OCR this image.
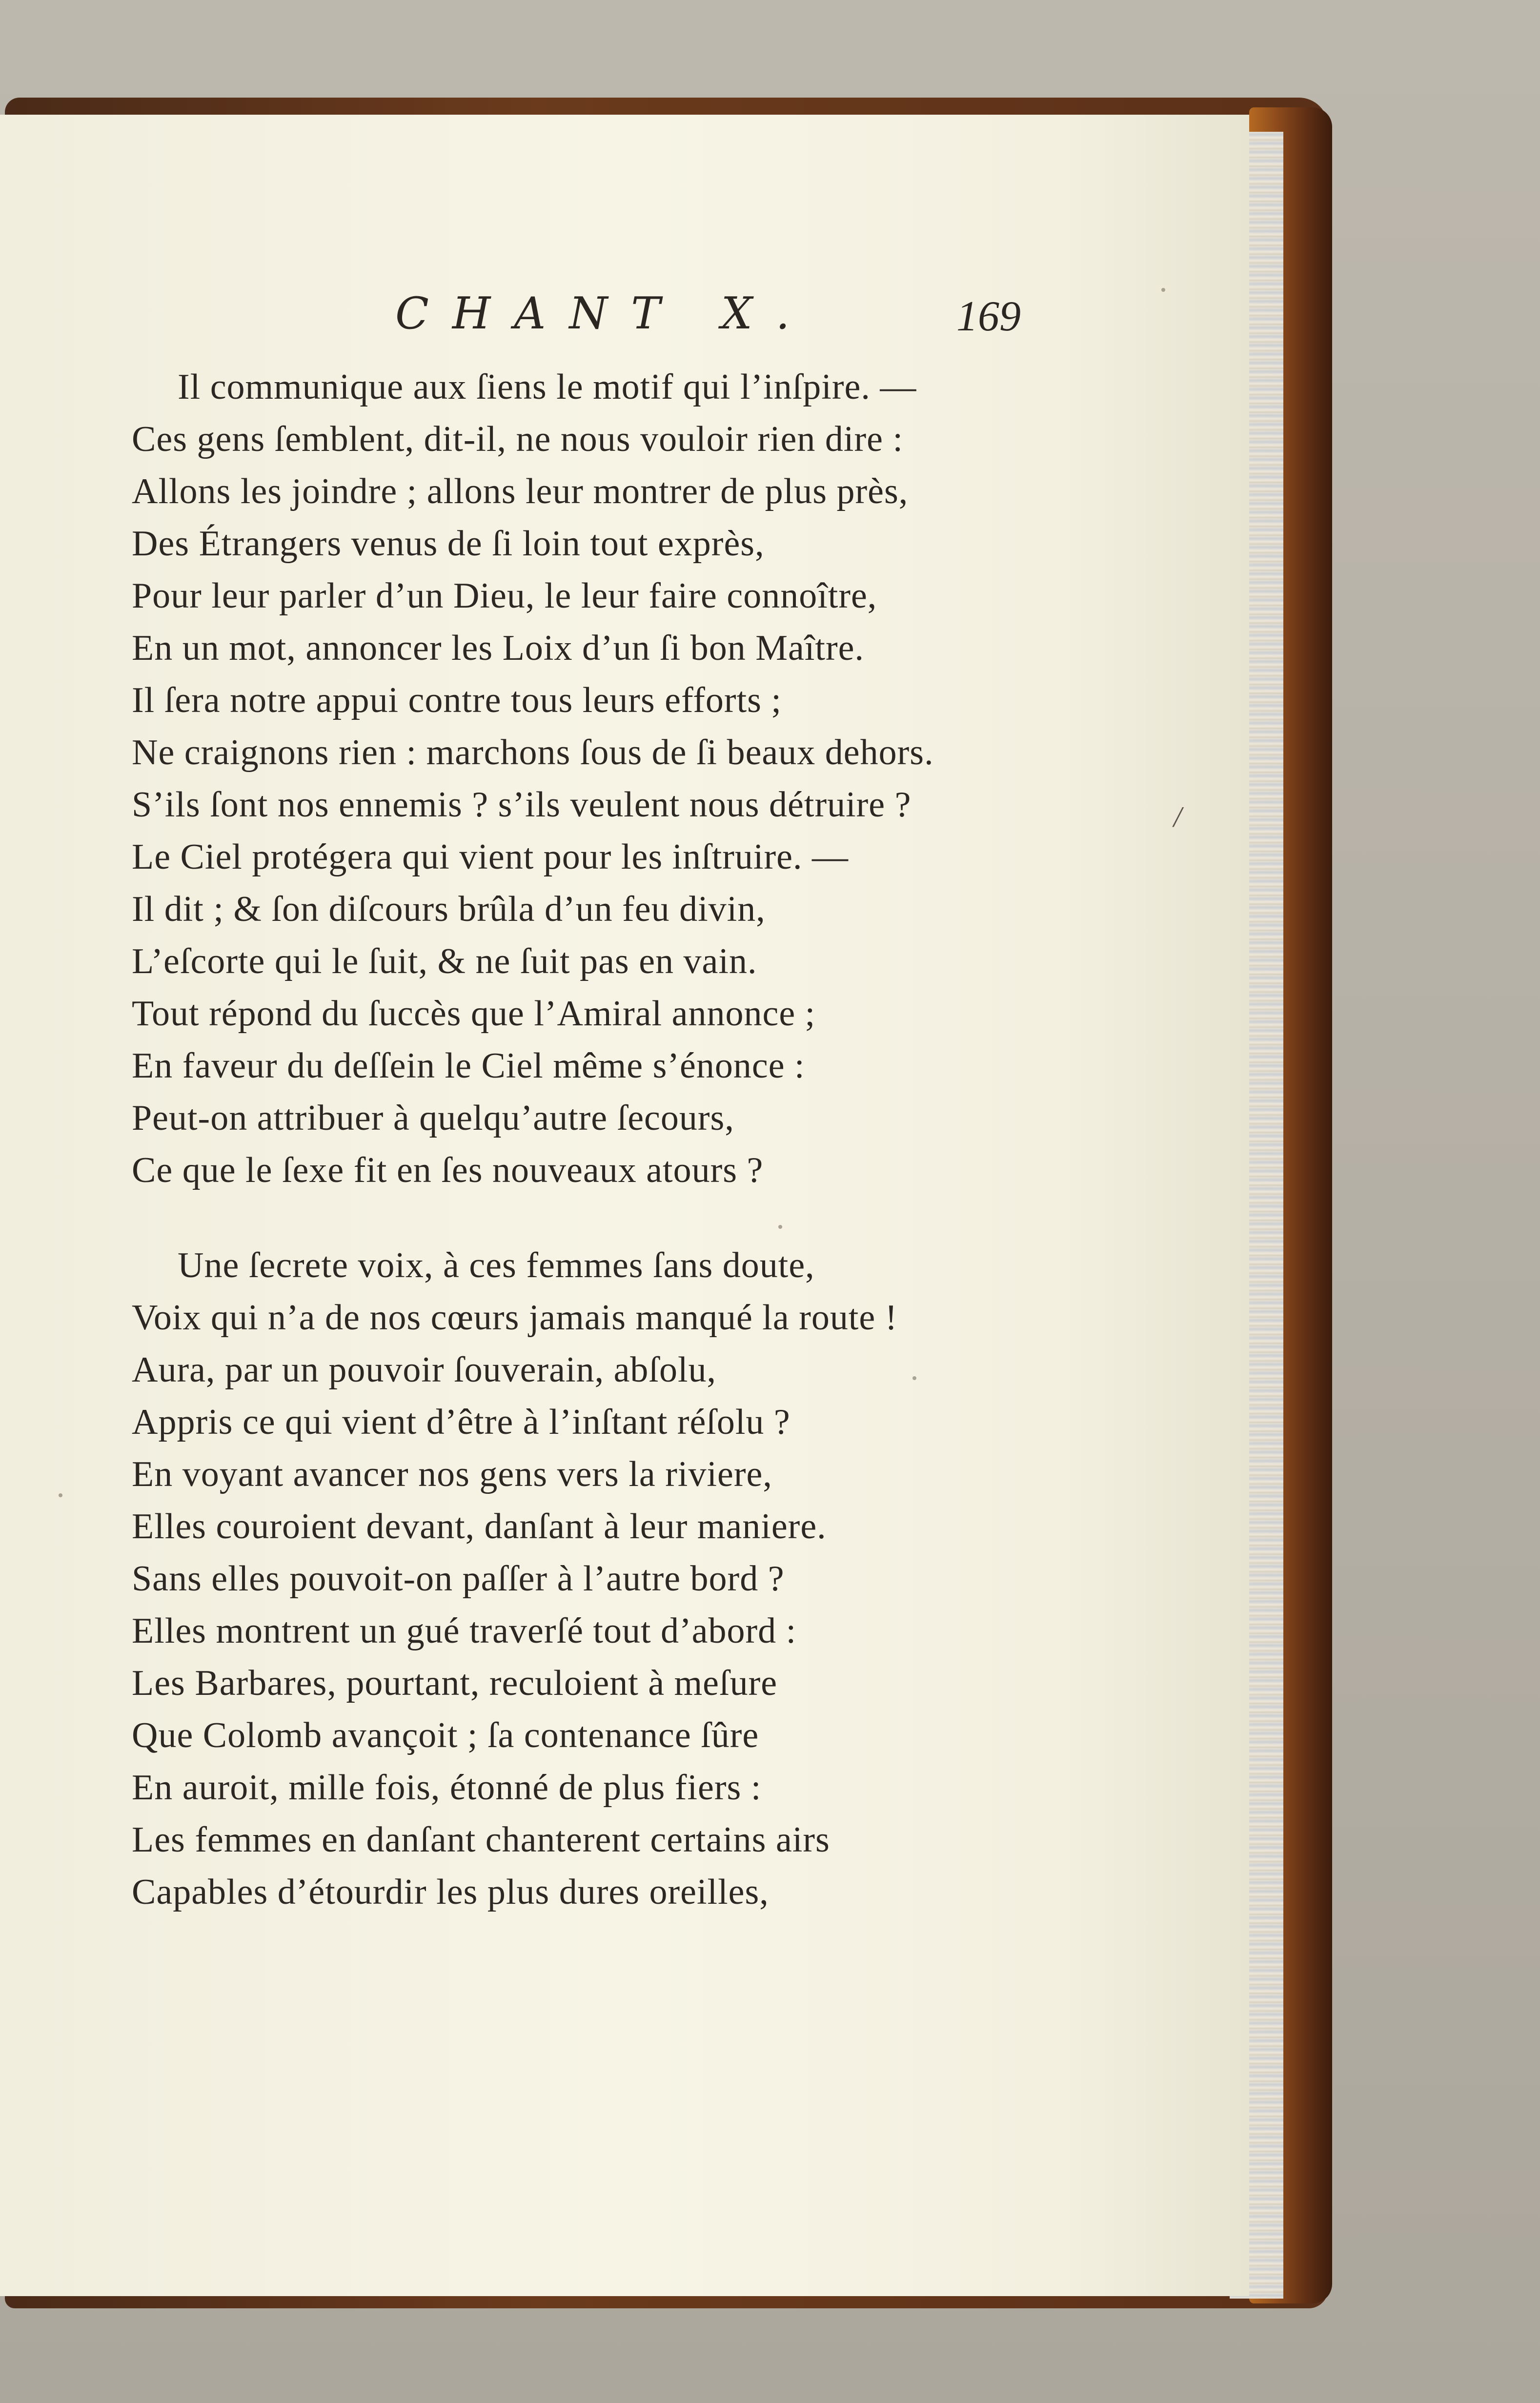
CHANT X.	169
Il communique aux ſiens le motif qui l’inſpire. —
Ces gens ſemblent, dit-il, ne nous vouloir rien dire :
Allons les joindre ; allons leur montrer de plus près,
Des Étrangers venus de ſi loin tout exprès,
Pour leur parler d’un Dieu, le leur faire connoître,
En un mot, annoncer les Loix d’un ſi bon Maître.
Il ſera notre appui contre tous leurs efforts ;
Ne craignons rien : marchons ſous de ſi beaux dehors.
S’ils ſont nos ennemis ? s’ils veulent nous détruire ?
Le Ciel protégera qui vient pour les inſtruire. —
Il dit ; & ſon diſcours brûla d’un feu divin,
L’eſcorte qui le ſuit, & ne ſuit pas en vain.
Tout répond du ſuccès que l’Amiral annonce ;
En faveur du deſſein le Ciel même s’énonce :
Peut-on attribuer à quelqu’autre ſecours,
Ce que le ſexe fit en ſes nouveaux atours ?
Une ſecrete voix, à ces femmes ſans doute,
Voix qui n’a de nos cœurs jamais manqué la route !
Aura, par un pouvoir ſouverain, abſolu,
Appris ce qui vient d’être à l’inſtant réſolu ?
En voyant avancer nos gens vers la riviere,
Elles couroient devant, danſant à leur maniere.
Sans elles pouvoit-on paſſer à l’autre bord ?
Elles montrent un gué traverſé tout d’abord :
Les Barbares, pourtant, reculoient à meſure
Que Colomb avançoit ; ſa contenance ſûre
En auroit, mille fois, étonné de plus fiers :
Les femmes en danſant chanterent certains airs
Capables d’étourdir les plus dures oreilles,
/
